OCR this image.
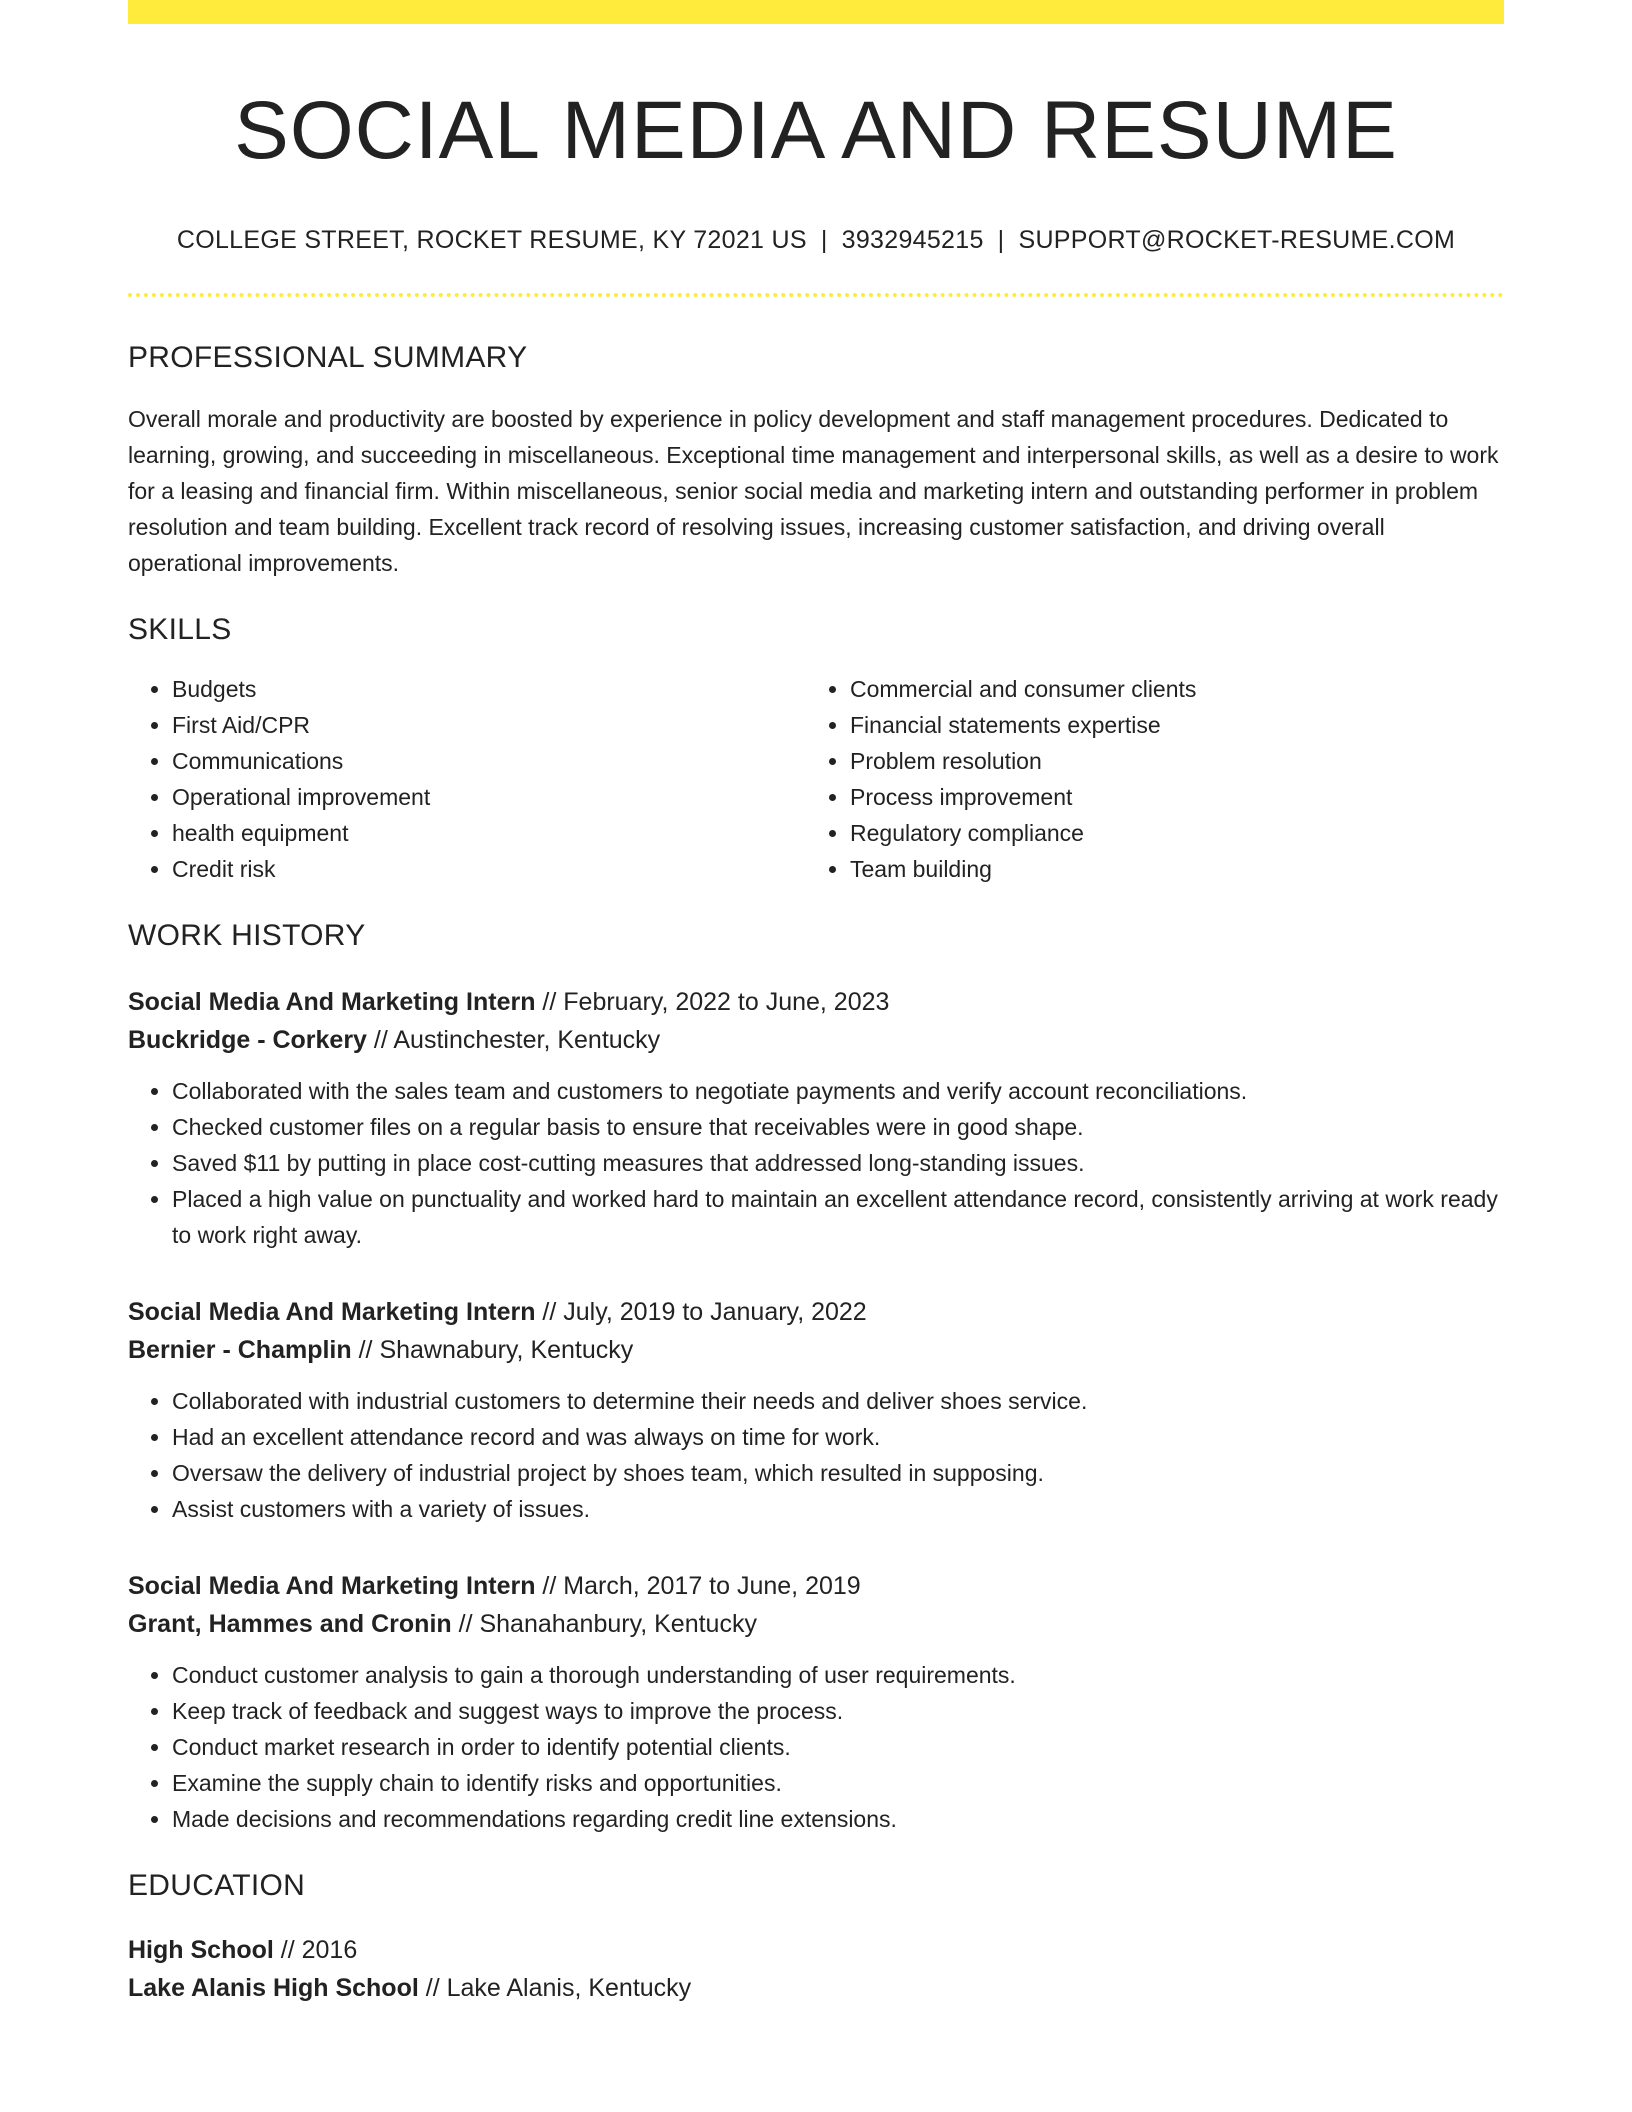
SOCIAL MEDIA AND RESUME
COLLEGE STREET, ROCKET RESUME, KY 72021 US | 3932945215 | SUPPORT@ROCKET-RESUME.COM
PROFESSIONAL SUMMARY

Overall morale and productivity are boosted by experience in policy development and staff management procedures. Dedicated to learning, growing, and succeeding in miscellaneous. Exceptional time management and interpersonal skills, as well as a desire to work for a leasing and financial firm. Within miscellaneous, senior social media and marketing intern and outstanding performer in problem resolution and team building. Excellent track record of resolving issues, increasing customer satisfaction, and driving overall operational improvements.

SKILLS
• Budgets
• First Aid/CPR
• Communications
• Operational improvement
• health equipment
• Credit risk
• Commercial and consumer clients
• Financial statements expertise
• Problem resolution
• Process improvement
• Regulatory compliance
• Team building
WORK HISTORY
Social Media And Marketing Intern // February, 2022 to June, 2023
Buckridge - Corkery // Austinchester, Kentucky
• Collaborated with the sales team and customers to negotiate payments and verify account reconciliations.
• Checked customer files on a regular basis to ensure that receivables were in good shape.
• Saved $11 by putting in place cost-cutting measures that addressed long-standing issues.
• Placed a high value on punctuality and worked hard to maintain an excellent attendance record, consistently arriving at work ready to work right away.
Social Media And Marketing Intern // July, 2019 to January, 2022
Bernier - Champlin // Shawnabury, Kentucky
• Collaborated with industrial customers to determine their needs and deliver shoes service.
• Had an excellent attendance record and was always on time for work.
• Oversaw the delivery of industrial project by shoes team, which resulted in supposing.
• Assist customers with a variety of issues.
Social Media And Marketing Intern // March, 2017 to June, 2019
Grant, Hammes and Cronin // Shanahanbury, Kentucky
• Conduct customer analysis to gain a thorough understanding of user requirements.
• Keep track of feedback and suggest ways to improve the process.
• Conduct market research in order to identify potential clients.
• Examine the supply chain to identify risks and opportunities.
• Made decisions and recommendations regarding credit line extensions.
EDUCATION
High School // 2016
Lake Alanis High School // Lake Alanis, Kentucky
